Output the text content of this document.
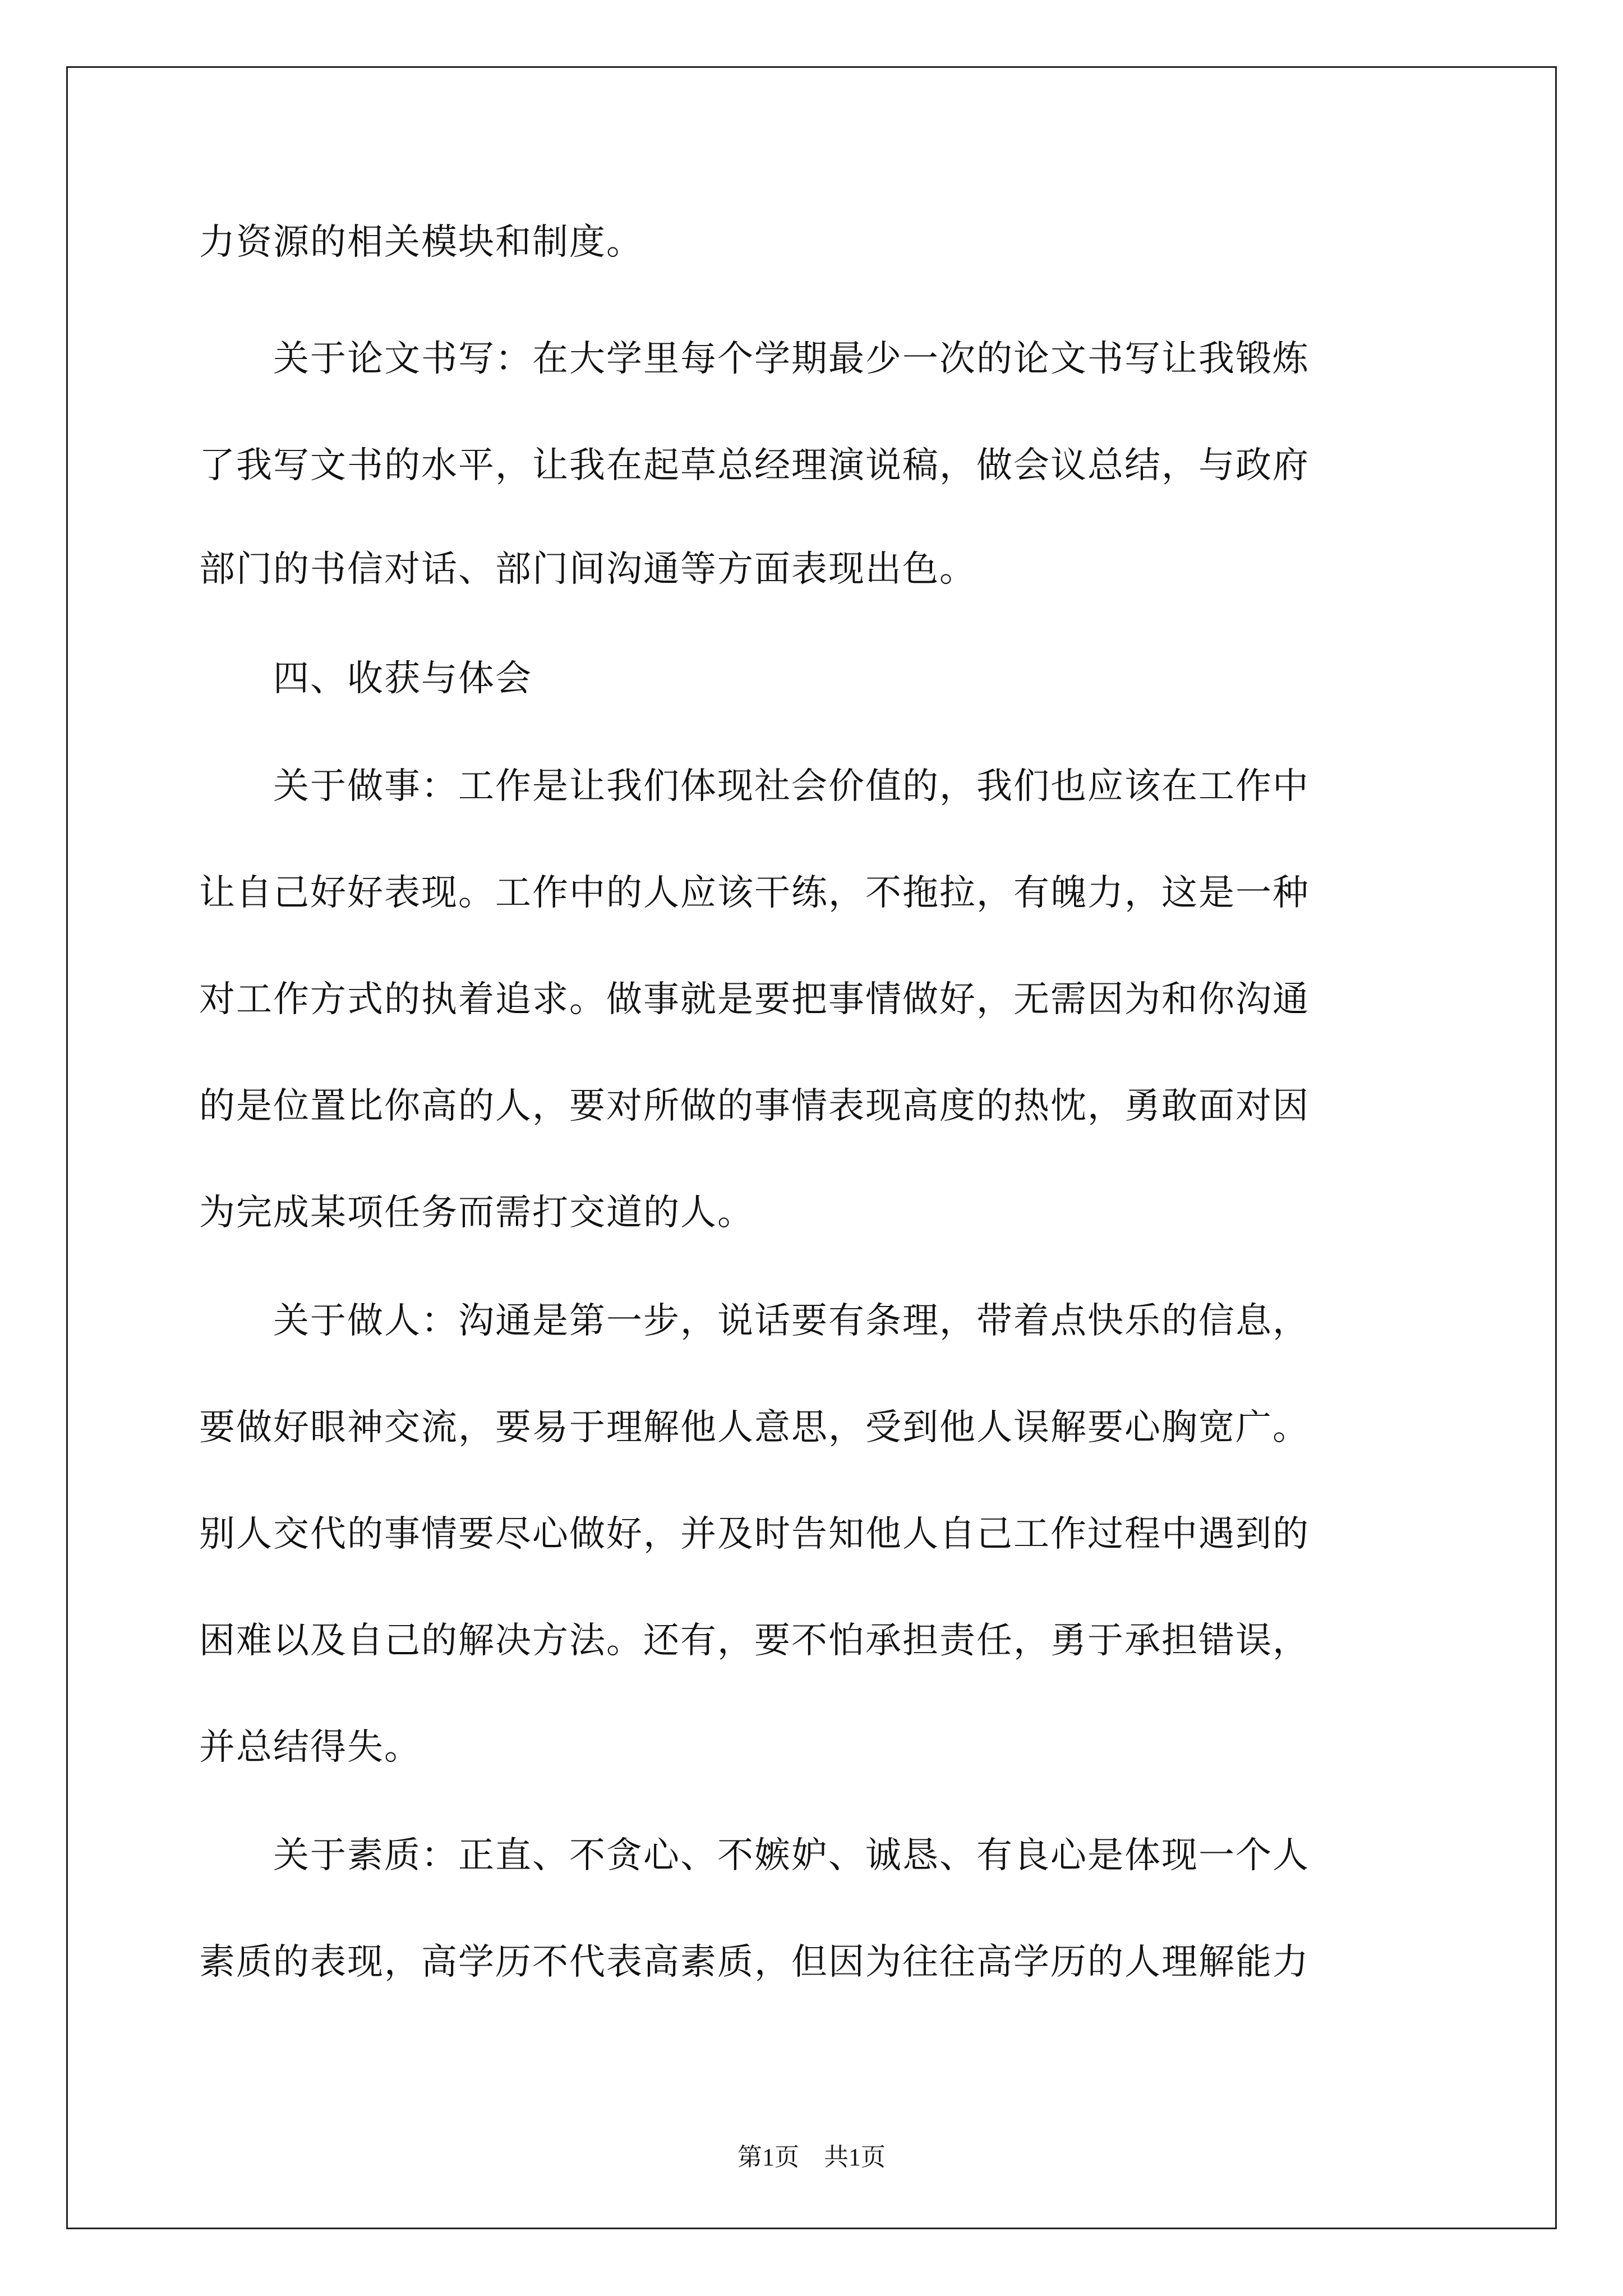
力资源的相关模块和制度。
　　关于论文书写：在大学里每个学期最少一次的论文书写让我锻炼
了我写文书的水平，让我在起草总经理演说稿，做会议总结，与政府
部门的书信对话、部门间沟通等方面表现出色。
　　四、收获与体会
　　关于做事：工作是让我们体现社会价值的，我们也应该在工作中
让自己好好表现。工作中的人应该干练，不拖拉，有魄力，这是一种
对工作方式的执着追求。做事就是要把事情做好，无需因为和你沟通
的是位置比你高的人，要对所做的事情表现高度的热忱，勇敢面对因
为完成某项任务而需打交道的人。
　　关于做人：沟通是第一步，说话要有条理，带着点快乐的信息，
要做好眼神交流，要易于理解他人意思，受到他人误解要心胸宽广。
别人交代的事情要尽心做好，并及时告知他人自己工作过程中遇到的
困难以及自己的解决方法。还有，要不怕承担责任，勇于承担错误，
并总结得失。
　　关于素质：正直、不贪心、不嫉妒、诚恳、有良心是体现一个人
素质的表现，高学历不代表高素质，但因为往往高学历的人理解能力
第1页　共1页
